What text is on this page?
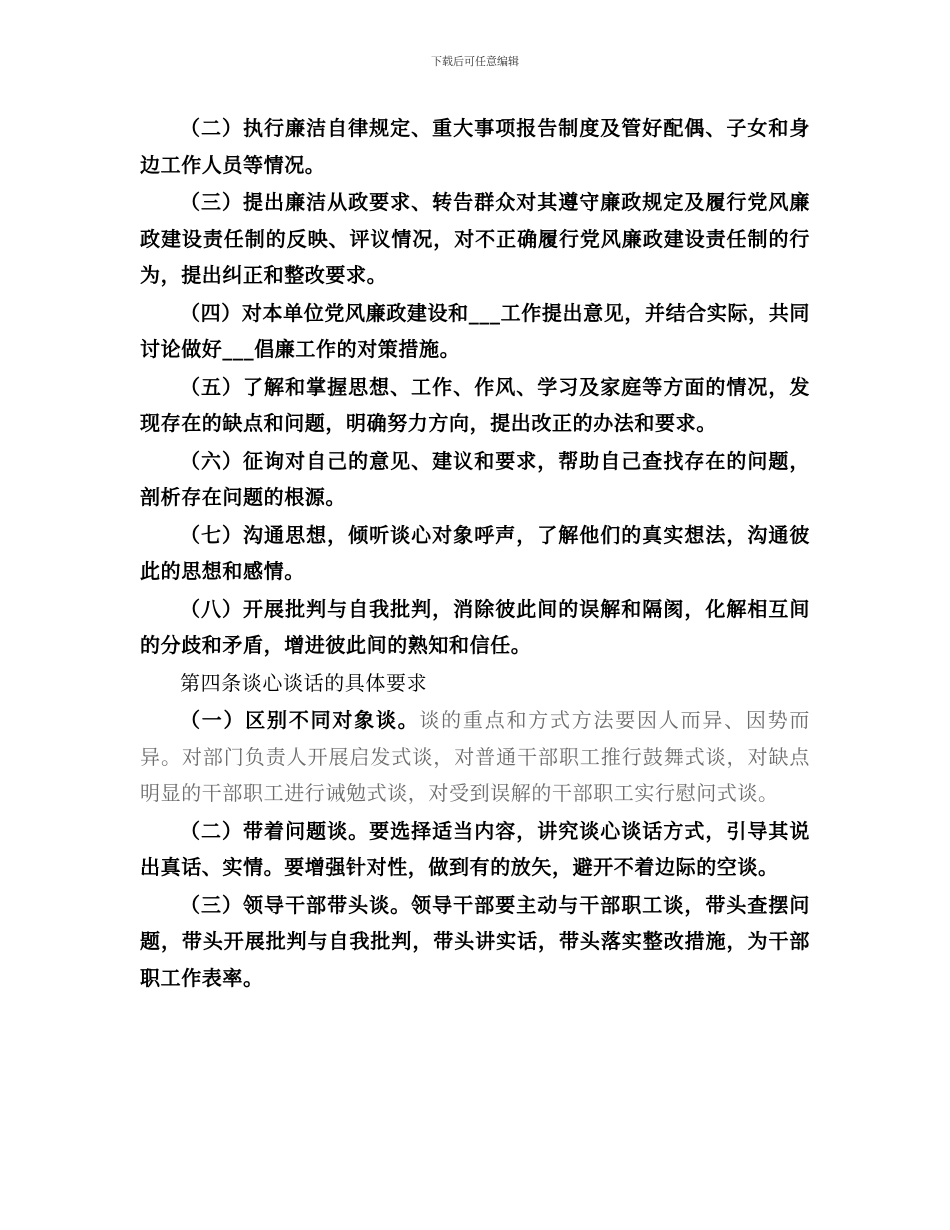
下载后可任意编辑

（二）执行廉洁自律规定、重大事项报告制度及管好配偶、子女和身边工作人员等情况。

（三）提出廉洁从政要求、转告群众对其遵守廉政规定及履行党风廉政建设责任制的反映、评议情况，对不正确履行党风廉政建设责任制的行为，提出纠正和整改要求。

（四）对本单位党风廉政建设和___工作提出意见，并结合实际，共同讨论做好___倡廉工作的对策措施。

（五）了解和掌握思想、工作、作风、学习及家庭等方面的情况，发现存在的缺点和问题，明确努力方向，提出改正的办法和要求。

（六）征询对自己的意见、建议和要求，帮助自己查找存在的问题，剖析存在问题的根源。

（七）沟通思想，倾听谈心对象呼声，了解他们的真实想法，沟通彼此的思想和感情。

（八）开展批判与自我批判，消除彼此间的误解和隔阂，化解相互间的分歧和矛盾，增进彼此间的熟知和信任。

第四条谈心谈话的具体要求

（一）区别不同对象谈。谈的重点和方式方法要因人而异、因势而异。对部门负责人开展启发式谈，对普通干部职工推行鼓舞式谈，对缺点明显的干部职工进行诫勉式谈，对受到误解的干部职工实行慰问式谈。

（二）带着问题谈。要选择适当内容，讲究谈心谈话方式，引导其说出真话、实情。要增强针对性，做到有的放矢，避开不着边际的空谈。

（三）领导干部带头谈。领导干部要主动与干部职工谈，带头查摆问题，带头开展批判与自我批判，带头讲实话，带头落实整改措施，为干部职工作表率。
